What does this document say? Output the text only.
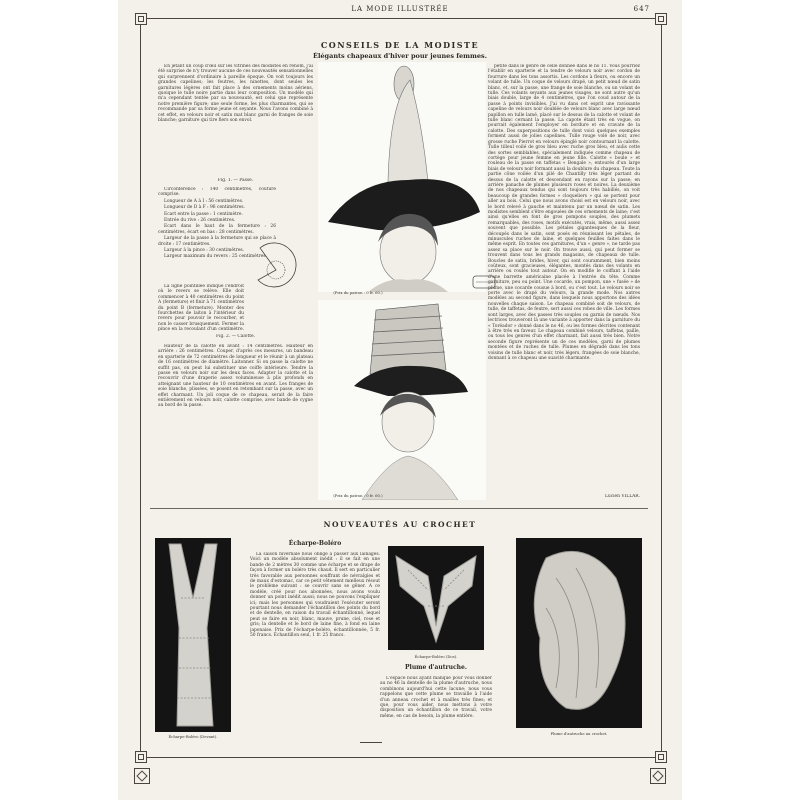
LA MODE ILLUSTRÉE	647
CONSEILS DE LA MODISTE
Élégants chapeaux d'hiver pour jeunes femmes.

En jetant un coup d'œil sur les vitrines des modistes en renom, j'ai été surprise de n'y trouver aucune de ces nouveautés sensationnelles qui surprennent d'ordinaire à pareille époque. On voit toujours les grandes capelines; les feutres, les ninettes, dont seules les garnitures légères ont fait place à des ornements moins aériens, quoique le tulle noire partie dans leur composition. Un modèle qui m'a cependant tentée par sa nouveauté, est celui que représente notre première figure; une seule forme, les plus charmantes, qui se recommande par sa forme jeune et seyante. Nous l'avons combiné à cet effet, en velours noir et satin mat blanc garni de franges de soie blanche; garniture qui tire fiers son envol.

Fig. 1. — Passe.

Circonférence : 140 centimètres, couture comprise.

Longueur de A à I : 56 centimètres.

Longueur de D à F : 96 centimètres.

Ecart entre la passe : 1 centimètre.

Entrée du rive : 26 centimètres.

Ecart dans le haut de la fermeture : 26 centimètres, écart en bas : 28 centimètres.

Largeur de la passe à la fermeture qui se place à droite : 17 centimètres.

Largeur à la pince : 30 centimètres.

Largeur maximum du revers : 25 centimètres.

La ligne pointillée indique l'endroit où le revers se relève. Elle doit commencer à 40 centimètres du point A (fermeture) et finir à 71 centimètres du point B (fermeture). Monter des fourchettes de laiton à l'intérieur du revers pour pouvoir le recourber, et non le casser brusquement. Fermer la pince en la recoulant d'un centimètre.

Fig. 2. — Calotte.

Hauteur de la calotte en avant : 14 centimètres. Hauteur en arrière : 26 centimètres. Couper, d'après ces mesures, un bandeau en sparterie de 72 centimètres de longueur et le réunir à un plateau de 16 centimètres de diamètre. Laitonner. Si on passe la calotte ne suffit pas, on peut lui substituer une coiffe intérieure. Tendre la passe en velours noir sur les deux faces. Adapter la calotte et la recouvrir d'une draperie assez volumineuse à plis profonds en atteignant une hauteur de 10 centimètres en avant. Les franges de soie blanche, plissées, se posent en retombant sur la passe, avec un effet charmant. Un joli coque de ce chapeau, serait de la faire entièrement en velours noir, calotte comprise, avec bande de cygne au bord de la passe.

(Prix du patron : 0 fr. 60.)
(Prix du patron : 0 fr. 60.)

petite dans le genre de celle donnée dans le no 11. Vous pourriez l'établir en sparterie et la tendre de velours noir avec cordon de fourrure dans les tons assortis. Les cordons à fleurs, ou encore un volant de tulle. Un coque de velours drapé, un petit nœud de satin blanc, et, sur la passe, une frange de soie blanche, ou un volant de tulle. Ces volants seyants aux jeunes visages, ne sont autre qu'un biais double, large de 4 centimètres, que l'on coud autour de la passe à points invisibles. J'ai vu dans cet esprit une ravissante capeline de velours noir doublée de velours blanc avec large nœud papillon en tulle lamé, placé sur le dessus de la calotte et volant de tulle blanc cernant la passe. La capote étant très en vogue, on pourrait également l'employer en bordure et en cravate de la calotte. Des superpositions de tulle dont voici quelques exemples forment aussi de jolies capelines. Tulle rouge volé de noir, avec grosse ruche Pierrot en velours épinglé noir contournant la calotte. Tulle tilleul voilé de gros bleu avec ruche gros bleu, et aulis cette des sortes semblables, spécialement indiquée comme chapeau de cortège pour jeune femme en jeune fille. Calotte « boule » et rouleau de la passe en taffetas « Bengale », entourés d'un large biais de velours noir formant aussi la doublure du chapeau. Toute la partie cône voilée d'un pilé de Chantilly très léger partant du dessus de la calotte et descendant en rayons sur la passe; en arrière panache de plumes plusieurs roses et noires. La deuxième de nos chapeaux tendus qui sont toujours très habillés, on voit beaucoup de grandes formes « cloqueliers » qui se portent pour aller au bois. Celui que nous avons choisi est en velours noir, avec le bord relevé à gauche et maintenu par un nœud de satin. Les modistes semblent s'être engouées de ces ornements de laine; c'est ainsi qu'elles en font de gros pompons souples, des plumets remarquables, des roses, motifs exécutés, vrais, même, aussi assez souvent que possible. Les pétales gigantesques de la fleur, découpés dans le satin, sont posés en réunissant les pétales, de minuscules ruches de laine, et quelques feuilles faites dans le même esprit. En toutes ces garnitures, d'un « genre », ne tarde pas assez sa place sur le noir. On trouve aussi, qui peut former se trouvent dans tous les grands magasins, de chapeaux de tulle. Boucles de satin, brides, hiver, qui sont couramment, bien moins coûteux, sont gracieuses, élégantes, montés dans des volants en arrière ou roulés tout autour. On en modifie le coiffant à l'aide d'une barrette américaine placée à l'entrée du tête. Comme garniture, peu ou point. Une cocarde, un pompon, une « fusée » de plume, une cocarde cousue à bord, ou c'est tout. Le velours noir se porte avec le drapé du velours, la grande mode. Nos autres modèles au second figure, dans lesquels nous apportons des idées nouvelles chaque saison. Le chapeau combiné soit de velours, de tulle, de taffetas, de feutre, sert aussi ces robes de ville. Les formes sont larges, avec des passes très souples ou garnis de nœuds. Nos lectrices trouveront là une variante à apporter dans la garniture du « Toréador » donné dans le no 46, ou les formes décrites contenant à être très en faveur. Le chapeau combiné velours, taffetas, paille, ou tous les genres d'un effet charmant, fait aussi très bien. Notre seconde figure représente un de ces modèles, garni de plumes montées et de ruches de tulle. Plumes en dégradé dans les tons voisins de tulle blanc et noir, très légers, frangées de soie blanche, donnant à ce chapeau une suavité charmante.

Lucien VILLAR.
NOUVEAUTÉS AU CROCHET
Écharpe-Boléro (Devant).
Écharpe-Boléro

La saison hivernale nous oblige à passer aux lainages. Voici un modèle absolument inédit : il se fait en une bande de 2 mètres 30 comme une écharpe et se drape de façon à former un boléro très chaud. Il sert en particulier très favorable aux personnes souffrant de névralgies et de maux d'estomac, car ce petit vêtement mœlleux résout le problème suivant : se couvrir sans se gêner. A ce modèle, créé pour nos abonnées, nous avons voulu donner un point inédit aussi; nous ne pouvons l'expliquer ici; mais les personnes qui voudraient l'exécuter seront pourtant nous demander l'échantillon des points du bord et de dentelle, en raison du travail échantillonné, lequel peut se faire en noir, blanc, mauve, prune, ciel, rose et gris; la dentelle et le bord de laine fine, à fond en laine japonaise. Prix de l'écharpe-boléro, échantillonnée, 5 fr. 50 francs. Échantillon seul, 1 fr. 25 francs.

Écharpe-Boléro (Dos).
Plume d'autruche.

L'espace nous ayant manqué pour vous donner au no 46 la dentelle de la plume d'autruche, nous combinons aujourd'hui cette lacune; nous vous rappelons que cette plume se travaille à l'aide d'un anneau crochet et à mailles très fines; et que, pour vous aider, nous mettons à votre disposition un échantillon de ce travail, votre même, en cas de besoin, la plume entière.

Plume d'autruche au crochet.
